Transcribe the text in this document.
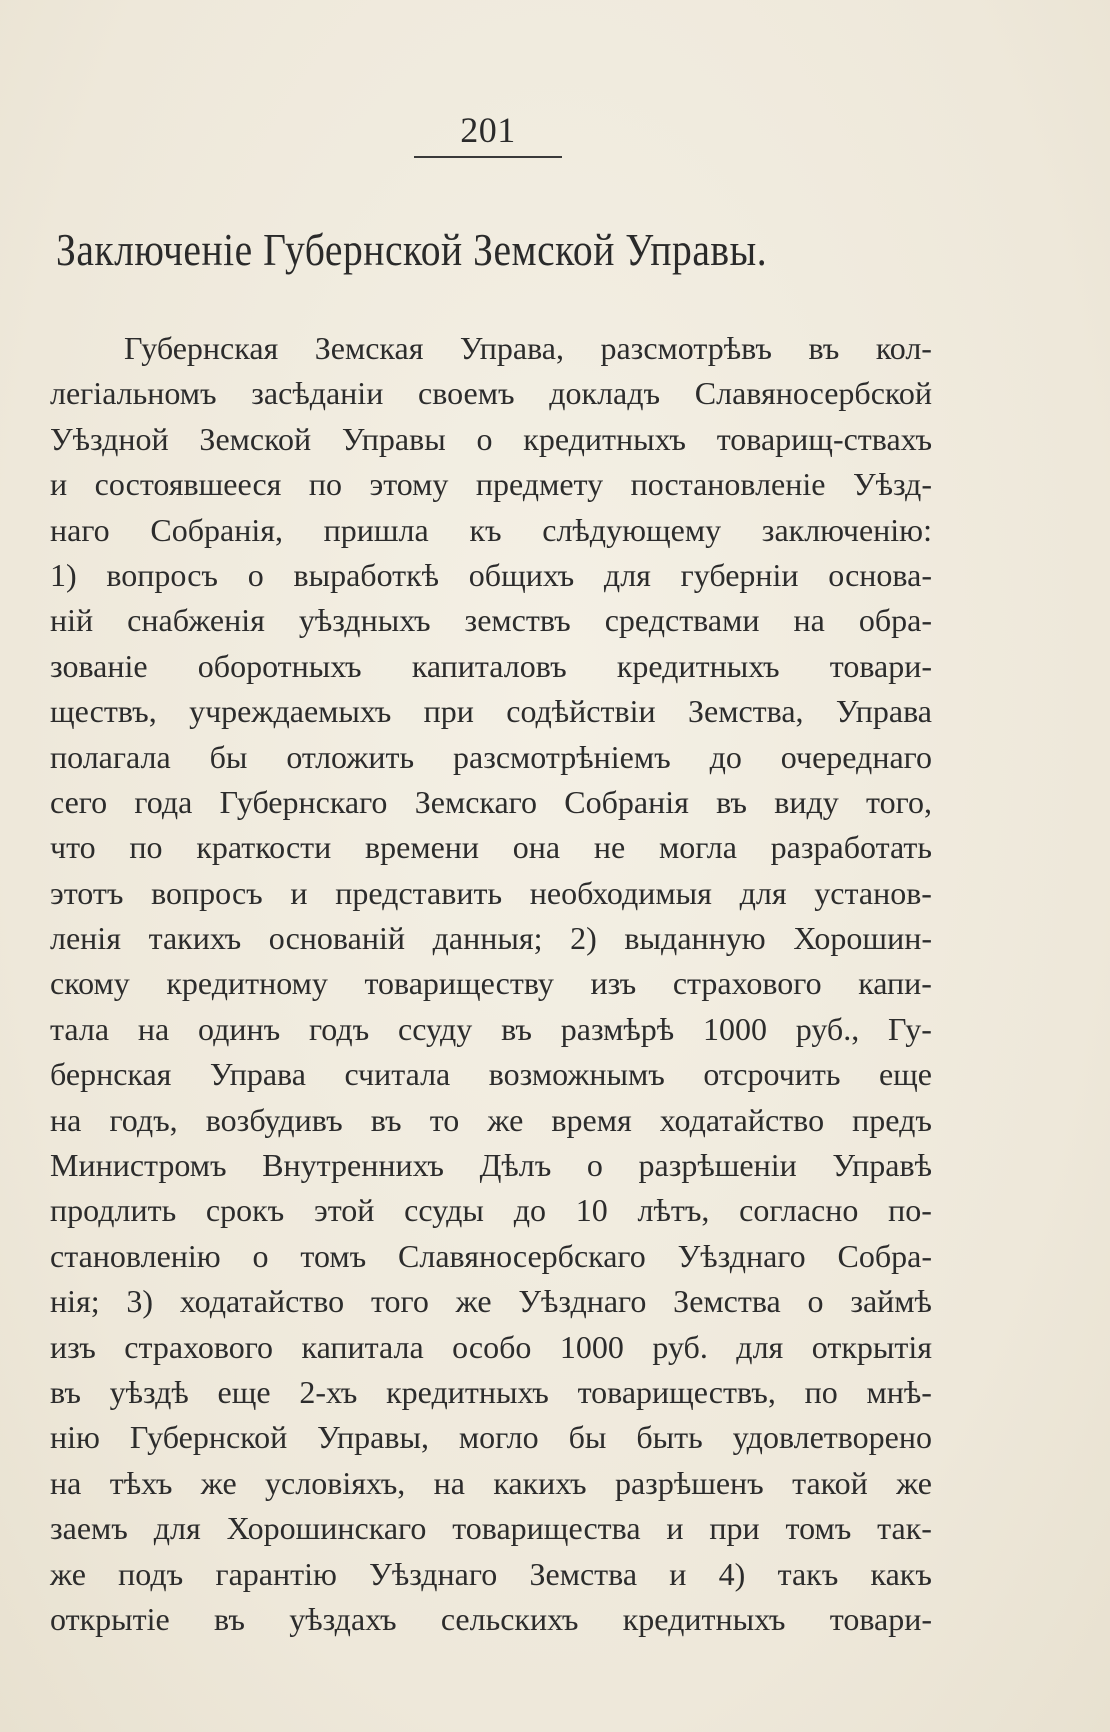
201
Заключеніе Губернской Земской Управы.
Губернская Земская Управа, разсмотрѣвъ въ кол-
легіальномъ засѣданіи своемъ докладъ Славяносербской
Уѣздной Земской Управы о кредитныхъ товарищ-ствахъ
и состоявшееся по этому предмету постановленіе Уѣзд-
наго Собранія, пришла къ слѣдующему заключенію:
1) вопросъ о выработкѣ общихъ для губерніи основа-
ній снабженія уѣздныхъ земствъ средствами на обра-
зованіе оборотныхъ капиталовъ кредитныхъ товари-
ществъ, учреждаемыхъ при содѣйствіи Земства, Управа
полагала бы отложить разсмотрѣніемъ до очереднаго
сего года Губернскаго Земскаго Собранія въ виду того,
что по краткости времени она не могла разработать
этотъ вопросъ и представить необходимыя для установ-
ленія такихъ основаній данныя; 2) выданную Хорошин-
скому кредитному товариществу изъ страхового капи-
тала на одинъ годъ ссуду въ размѣрѣ 1000 руб., Гу-
бернская Управа считала возможнымъ отсрочить еще
на годъ, возбудивъ въ то же время ходатайство предъ
Министромъ Внутреннихъ Дѣлъ о разрѣшеніи Управѣ
продлить срокъ этой ссуды до 10 лѣтъ, согласно по-
становленію о томъ Славяносербскаго Уѣзднаго Собра-
нія; 3) ходатайство того же Уѣзднаго Земства о займѣ
изъ страхового капитала особо 1000 руб. для открытія
въ уѣздѣ еще 2-хъ кредитныхъ товариществъ, по мнѣ-
нію Губернской Управы, могло бы быть удовлетворено
на тѣхъ же условіяхъ, на какихъ разрѣшенъ такой же
заемъ для Хорошинскаго товарищества и при томъ так-
же подъ гарантію Уѣзднаго Земства и 4) такъ какъ
открытіе въ уѣздахъ сельскихъ кредитныхъ товари-
